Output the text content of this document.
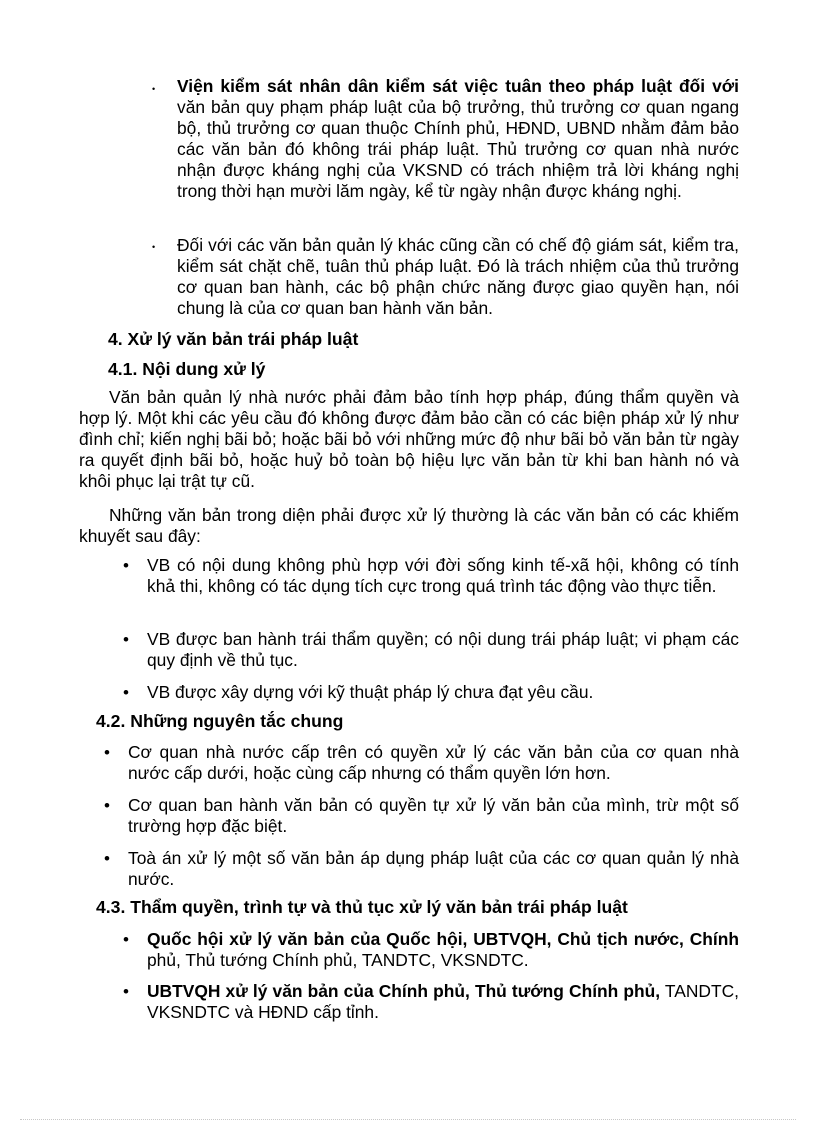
• Viện kiểm sát nhân dân kiểm sát việc tuân theo pháp luật đối với văn bản quy phạm pháp luật của bộ trưởng, thủ trưởng cơ quan ngang bộ, thủ trưởng cơ quan thuộc Chính phủ, HĐND, UBND nhằm đảm bảo các văn bản đó không trái pháp luật. Thủ trưởng cơ quan nhà nước nhận được kháng nghị của VKSND có trách nhiệm trả lời kháng nghị trong thời hạn mười lăm ngày, kể từ ngày nhận được kháng nghị.

• Đối với các văn bản quản lý khác cũng cần có chế độ giám sát, kiểm tra, kiểm sát chặt chẽ, tuân thủ pháp luật. Đó là trách nhiệm của thủ trưởng cơ quan ban hành, các bộ phận chức năng được giao quyền hạn, nói chung là của cơ quan ban hành văn bản.

4. Xử lý văn bản trái pháp luật
4.1. Nội dung xử lý

Văn bản quản lý nhà nước phải đảm bảo tính hợp pháp, đúng thẩm quyền và hợp lý. Một khi các yêu cầu đó không được đảm bảo cần có các biện pháp xử lý như đình chỉ; kiến nghị bãi bỏ; hoặc bãi bỏ với những mức độ như bãi bỏ văn bản từ ngày ra quyết định bãi bỏ, hoặc huỷ bỏ toàn bộ hiệu lực văn bản từ khi ban hành nó và khôi phục lại trật tự cũ.

Những văn bản trong diện phải được xử lý thường là các văn bản có các khiếm khuyết sau đây:

• VB có nội dung không phù hợp với đời sống kinh tế-xã hội, không có tính khả thi, không có tác dụng tích cực trong quá trình tác động vào thực tiễn.

• VB được ban hành trái thẩm quyền; có nội dung trái pháp luật; vi phạm các quy định về thủ tục.

• VB được xây dựng với kỹ thuật pháp lý chưa đạt yêu cầu.

4.2. Những nguyên tắc chung
• Cơ quan nhà nước cấp trên có quyền xử lý các văn bản của cơ quan nhà nước cấp dưới, hoặc cùng cấp nhưng có thẩm quyền lớn hơn.

• Cơ quan ban hành văn bản có quyền tự xử lý văn bản của mình, trừ một số trường hợp đặc biệt.

• Toà án xử lý một số văn bản áp dụng pháp luật của các cơ quan quản lý nhà nước.

4.3. Thẩm quyền, trình tự và thủ tục xử lý văn bản trái pháp luật
• Quốc hội xử lý văn bản của Quốc hội, UBTVQH, Chủ tịch nước, Chính phủ, Thủ tướng Chính phủ, TANDTC, VKSNDTC.

• UBTVQH xử lý văn bản của Chính phủ, Thủ tướng Chính phủ, TANDTC, VKSNDTC và HĐND cấp tỉnh.
